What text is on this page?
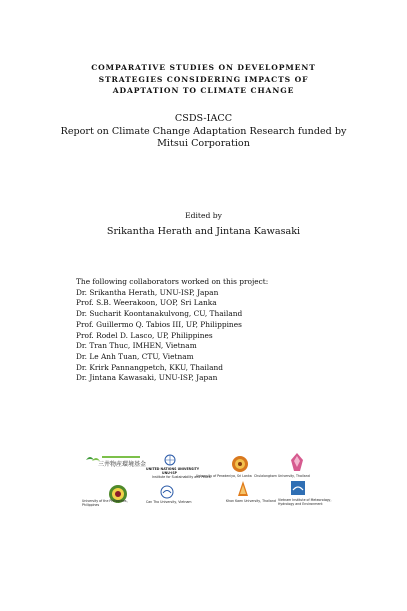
COMPARATIVE STUDIES ON DEVELOPMENT
STRATEGIES CONSIDERING IMPACTS OF
ADAPTATION TO CLIMATE CHANGE
CSDS-IACC
Report on Climate Change Adaptation Research funded by
Mitsui Corporation
Edited by
Srikantha Herath and Jintana Kawasaki
The following collaborators worked on this project:
Dr. Srikantha Herath, UNU-ISP, Japan
Prof. S.B. Weerakoon, UOP, Sri Lanka
Dr. Sucharit Koontanakulvong, CU, Thailand
Prof. Guillermo Q. Tabios III, UP, Philippines
Prof. Rodel D. Lasco, UP, Philippines
Dr. Tran Thuc, IMHEN, Vietnam
Dr. Le Anh Tuan, CTU, Vietnam
Dr. Krirk Pannangpetch, KKU, Thailand
Dr. Jintana Kawasaki, UNU-ISP, Japan
三井物産環境基金
UNITED NATIONS UNIVERSITY
UNU-ISP
Institute for Sustainability and Peace
University of Peradeniya, Sri Lanka Chulalongkorn University, Thailand
University of the Philippines,
Philippines
Can Tho University, Vietnam	Khon Kaen University, Thailand Vietnam Institute of Meteorology,
Hydrology and Environment
